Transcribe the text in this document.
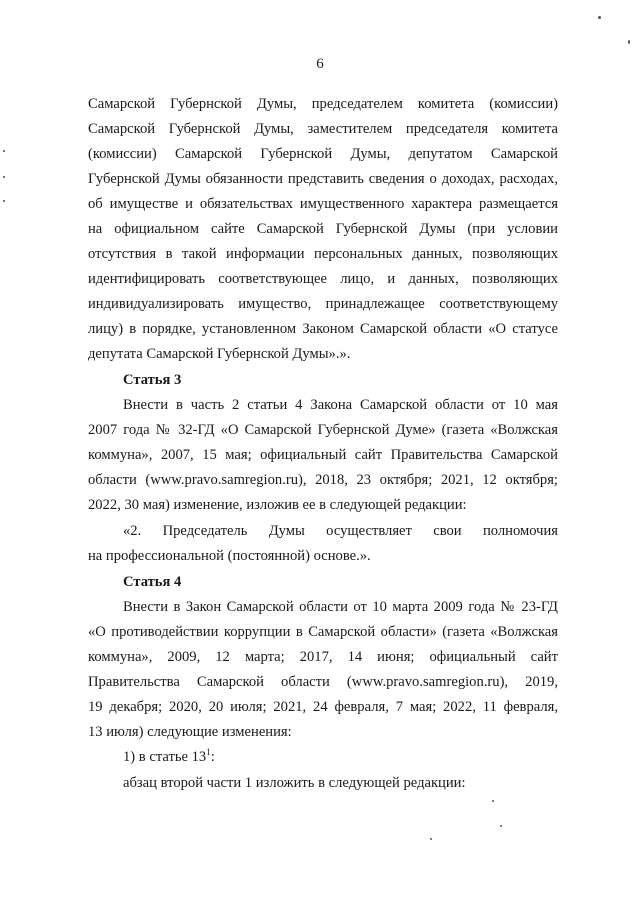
6
Самарской Губернской Думы, председателем комитета (комиссии)
Самарской Губернской Думы, заместителем председателя комитета
(комиссии) Самарской Губернской Думы, депутатом Самарской
Губернской Думы обязанности представить сведения о доходах, расходах,
об имуществе и обязательствах имущественного характера размещается
на официальном сайте Самарской Губернской Думы (при условии
отсутствия в такой информации персональных данных, позволяющих
идентифицировать соответствующее лицо, и данных, позволяющих
индивидуализировать имущество, принадлежащее соответствующему
лицу) в порядке, установленном Законом Самарской области «О статусе
депутата Самарской Губернской Думы».».
Статья 3
Внести в часть 2 статьи 4 Закона Самарской области от 10 мая
2007 года № 32-ГД «О Самарской Губернской Думе» (газета «Волжская
коммуна», 2007, 15 мая; официальный сайт Правительства Самарской
области (www.pravo.samregion.ru), 2018, 23 октября; 2021, 12 октября;
2022, 30 мая) изменение, изложив ее в следующей редакции:
«2. Председатель Думы осуществляет свои полномочия
на профессиональной (постоянной) основе.».
Статья 4
Внести в Закон Самарской области от 10 марта 2009 года № 23-ГД
«О противодействии коррупции в Самарской области» (газета «Волжская
коммуна», 2009, 12 марта; 2017, 14 июня; официальный сайт
Правительства Самарской области (www.pravo.samregion.ru), 2019,
19 декабря; 2020, 20 июля; 2021, 24 февраля, 7 мая; 2022, 11 февраля,
13 июля) следующие изменения:
1) в статье $13^1$:
абзац второй части 1 изложить в следующей редакции:
